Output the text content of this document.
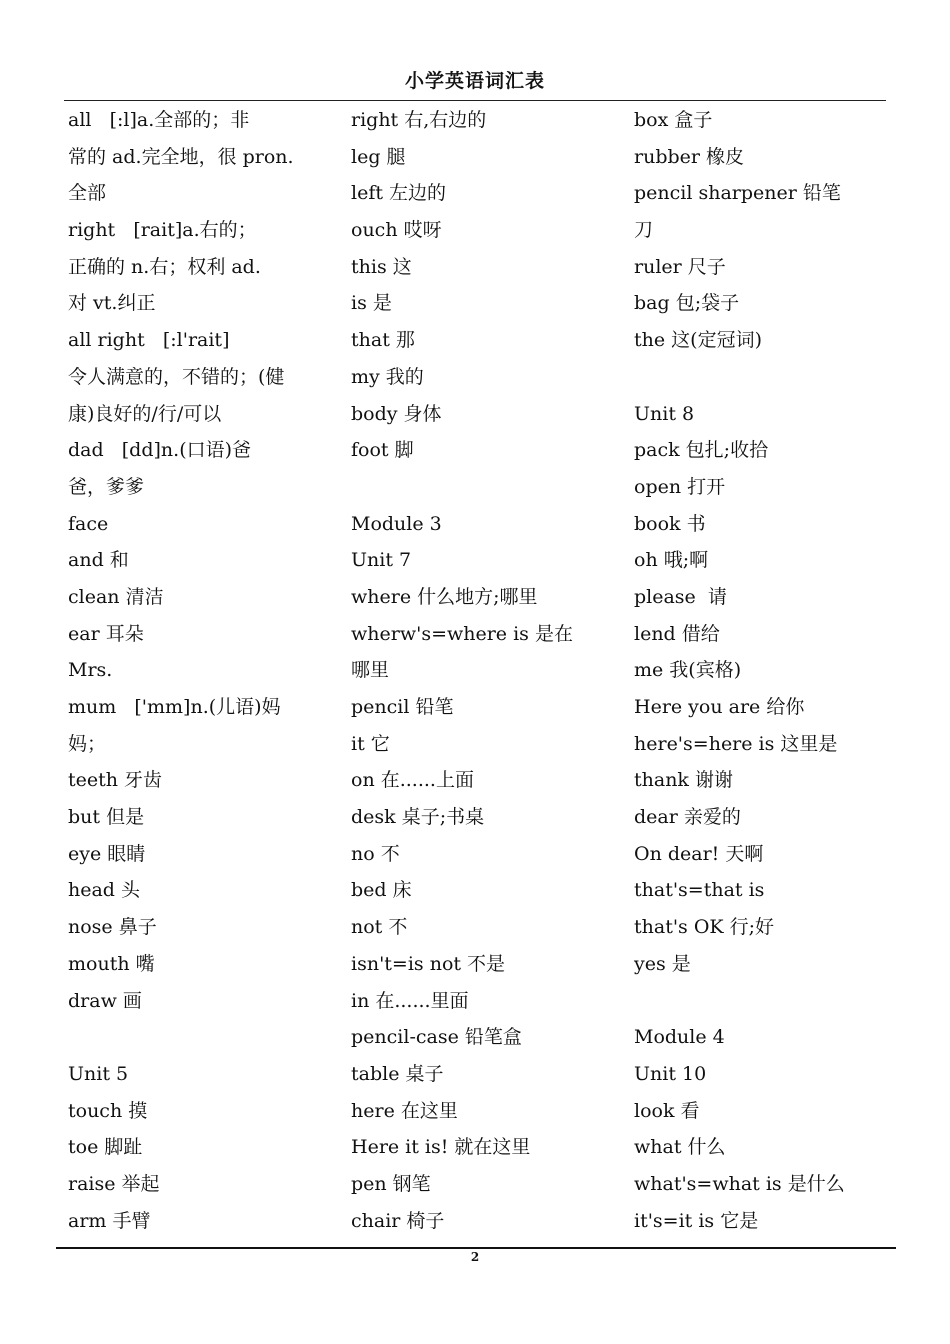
小学英语词汇表
all   [:l]a.全部的；非
常的 ad.完全地，很 pron.
全部
right   [rait]a.右的；
正确的 n.右；权利 ad.
对 vt.纠正
all right   [:l'rait]
令人满意的，不错的；(健
康)良好的/行/可以
dad   [dd]n.(口语)爸
爸，爹爹
face
and 和
clean 清洁
ear 耳朵
Mrs.
mum   ['mm]n.(儿语)妈
妈；
teeth 牙齿
but 但是
eye 眼睛
head 头
nose 鼻子
mouth 嘴
draw 画
Unit 5
touch 摸
toe 脚趾
raise 举起
arm 手臂
right 右,右边的
leg 腿
left 左边的
ouch 哎呀
this 这
is 是
that 那
my 我的
body 身体
foot 脚
Module 3
Unit 7
where 什么地方;哪里
wherw's=where is 是在
哪里
pencil 铅笔
it 它
on 在......上面
desk 桌子;书桌
no 不
bed 床
not 不
isn't=is not 不是
in 在......里面
pencil-case 铅笔盒
table 桌子
here 在这里
Here it is! 就在这里
pen 钢笔
chair 椅子
box 盒子
rubber 橡皮
pencil sharpener 铅笔
刀
ruler 尺子
bag 包;袋子
the 这(定冠词)
Unit 8
pack 包扎;收拾
open 打开
book 书
oh 哦;啊
please  请
lend 借给
me 我(宾格)
Here you are 给你
here's=here is 这里是
thank 谢谢
dear 亲爱的
On dear! 天啊
that's=that is
that's OK 行;好
yes 是
Module 4
Unit 10
look 看
what 什么
what's=what is 是什么
it's=it is 它是
2
